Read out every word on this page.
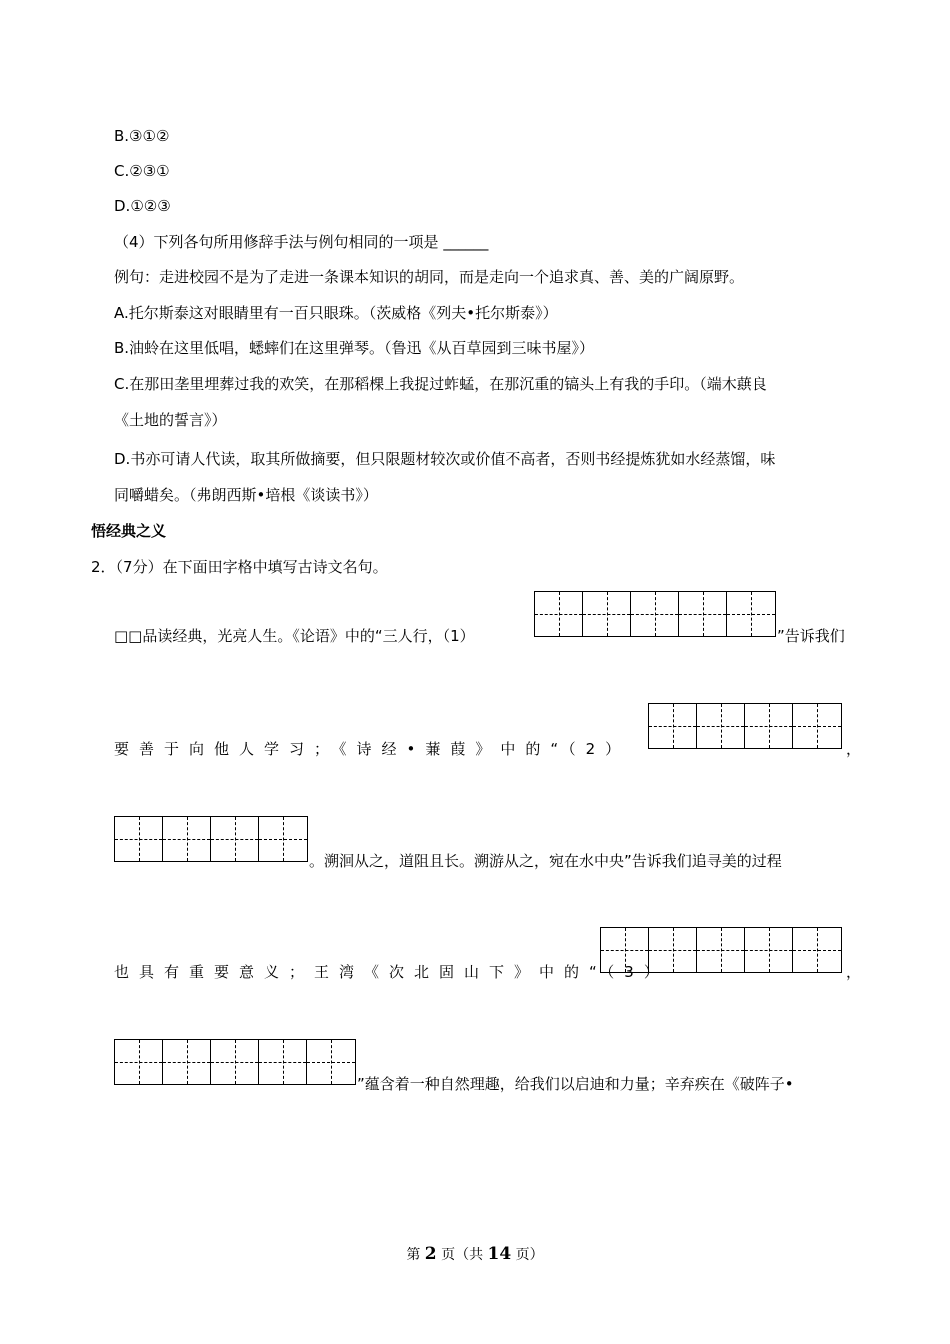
B.③①②
C.②③①
D.①②③
（4）下列各句所用修辞手法与例句相同的一项是 ______
例句：走进校园不是为了走进一条课本知识的胡同，而是走向一个追求真、善、美的广阔原野。
A.托尔斯泰这对眼睛里有一百只眼珠。（茨威格《列夫•托尔斯泰》）
B.油蛉在这里低唱，蟋蟀们在这里弹琴。（鲁迅《从百草园到三味书屋》）
C.在那田垄里埋葬过我的欢笑，在那稻棵上我捉过蚱蜢，在那沉重的镐头上有我的手印。（端木蕻良
《土地的誓言》）
D.书亦可请人代读，取其所做摘要，但只限题材较次或价值不高者，否则书经提炼犹如水经蒸馏，味
同嚼蜡矣。（弗朗西斯•培根《谈读书》）
悟经典之义
2．（7分）在下面田字格中填写古诗文名句。
□□品读经典，光亮人生。《论语》中的“三人行，（1）	”告诉我们
要善于向他人学习；《诗经•蒹葭》中的“（2）	，
。溯洄从之，道阻且长。溯游从之，宛在水中央”告诉我们追寻美的过程
也具有重要意义；王湾《次北固山下》中的“（3）	，
”蕴含着一种自然理趣，给我们以启迪和力量；辛弃疾在《破阵子•
第 2 页（共 14 页）
